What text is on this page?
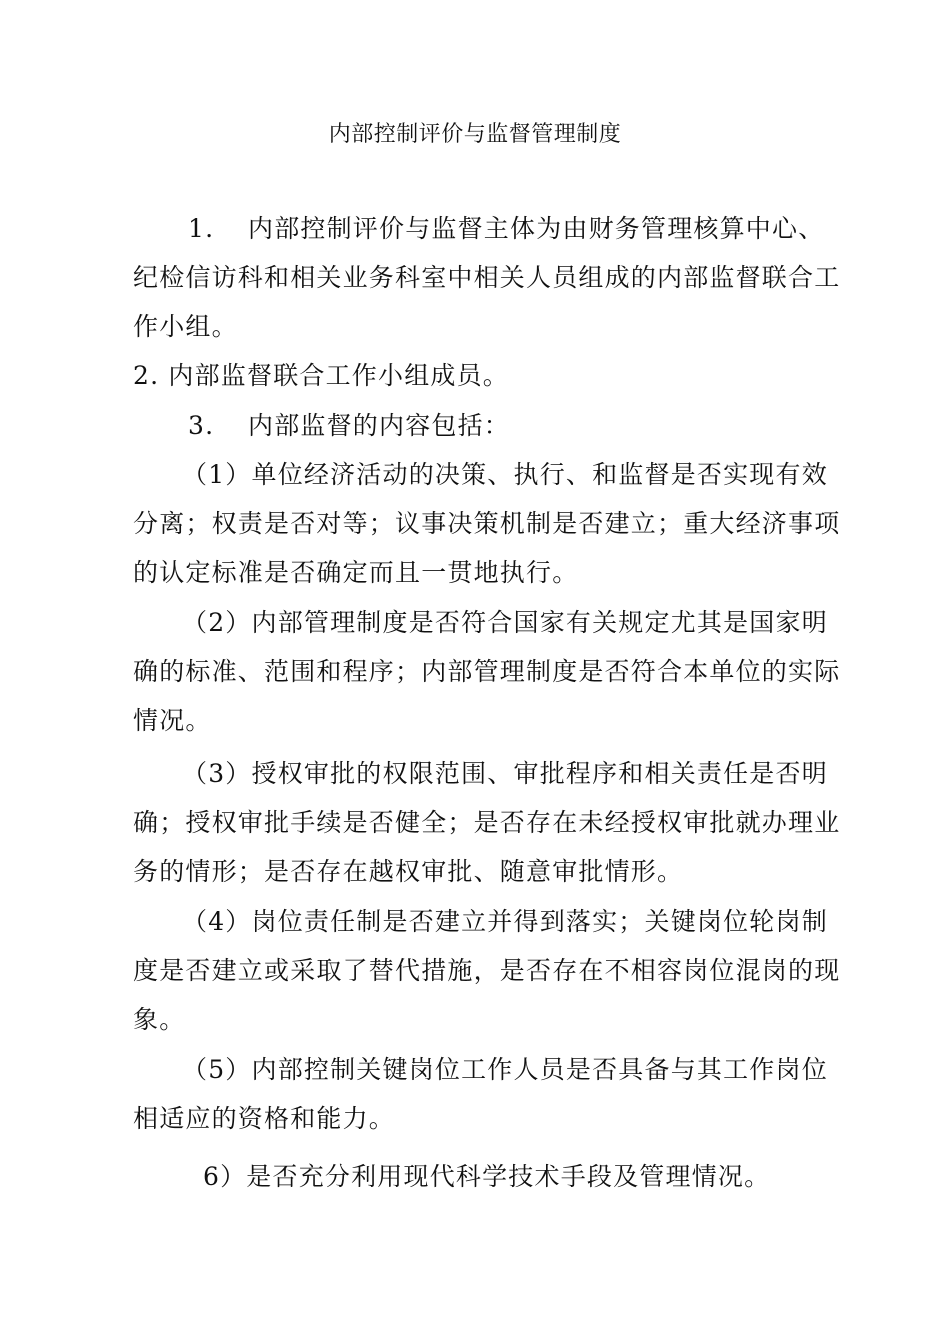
内部控制评价与监督管理制度
1. 内部控制评价与监督主体为由财务管理核算中心、
纪检信访科和相关业务科室中相关人员组成的内部监督联合工
作小组。
2. 内部监督联合工作小组成员。
3. 内部监督的内容包括：
（1）单位经济活动的决策、执行、和监督是否实现有效
分离；权责是否对等；议事决策机制是否建立；重大经济事项
的认定标准是否确定而且一贯地执行。
（2）内部管理制度是否符合国家有关规定尤其是国家明
确的标准、范围和程序；内部管理制度是否符合本单位的实际
情况。
（3）授权审批的权限范围、审批程序和相关责任是否明
确；授权审批手续是否健全；是否存在未经授权审批就办理业
务的情形；是否存在越权审批、随意审批情形。
（4）岗位责任制是否建立并得到落实；关键岗位轮岗制
度是否建立或采取了替代措施，是否存在不相容岗位混岗的现
象。
（5）内部控制关键岗位工作人员是否具备与其工作岗位
相适应的资格和能力。
6）是否充分利用现代科学技术手段及管理情况。
